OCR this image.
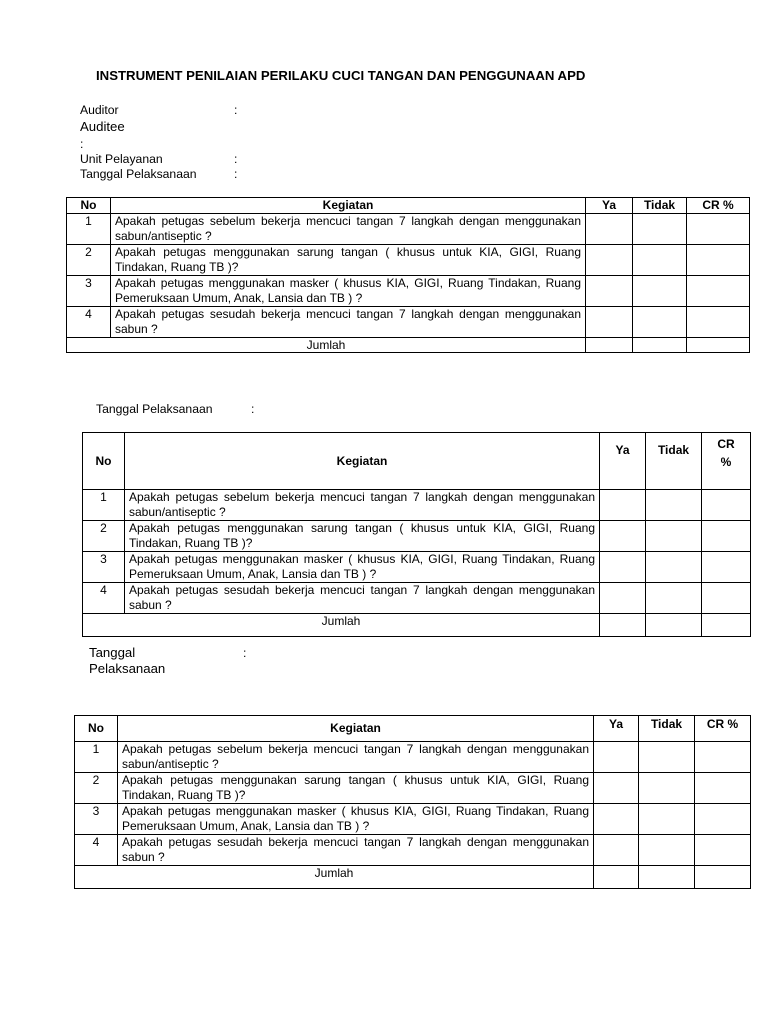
INSTRUMENT PENILAIAN PERILAKU CUCI TANGAN DAN PENGGUNAAN APD
Auditor	:
Auditee
:
Unit Pelayanan	:
Tanggal Pelaksanaan	:
No	Kegiatan	Ya	Tidak	CR %
1	Apakah petugas sebelum bekerja mencuci tangan 7 langkah dengan menggunakan sabun/antiseptic ?			
2	Apakah petugas menggunakan sarung tangan ( khusus untuk KIA, GIGI, Ruang Tindakan, Ruang TB )?			
3	Apakah petugas menggunakan masker ( khusus KIA, GIGI, Ruang Tindakan, Ruang Pemeruksaan Umum, Anak, Lansia dan TB ) ?			
4	Apakah petugas sesudah bekerja mencuci tangan 7 langkah dengan menggunakan sabun ?			
Jumlah				
Tanggal Pelaksanaan	:
No	Kegiatan	Ya	Tidak	CR
%

1	Apakah petugas sebelum bekerja mencuci tangan 7 langkah dengan menggunakan sabun/antiseptic ?			
2	Apakah petugas menggunakan sarung tangan ( khusus untuk KIA, GIGI, Ruang Tindakan, Ruang TB )?			
3	Apakah petugas menggunakan masker ( khusus KIA, GIGI, Ruang Tindakan, Ruang Pemeruksaan Umum, Anak, Lansia dan TB ) ?			
4	Apakah petugas sesudah bekerja mencuci tangan 7 langkah dengan menggunakan sabun ?			
Jumlah				
Tanggal	:
Pelaksanaan
No	Kegiatan	Ya	Tidak	CR %
1	Apakah petugas sebelum bekerja mencuci tangan 7 langkah dengan menggunakan sabun/antiseptic ?			
2	Apakah petugas menggunakan sarung tangan ( khusus untuk KIA, GIGI, Ruang Tindakan, Ruang TB )?			
3	Apakah petugas menggunakan masker ( khusus KIA, GIGI, Ruang Tindakan, Ruang Pemeruksaan Umum, Anak, Lansia dan TB ) ?			
4	Apakah petugas sesudah bekerja mencuci tangan 7 langkah dengan menggunakan sabun ?			
Jumlah				
